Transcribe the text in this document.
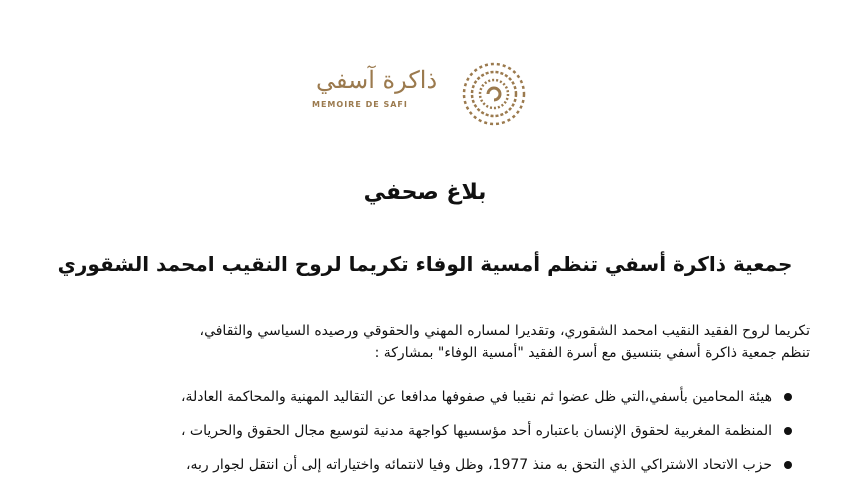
ذاكرة آسفي
MEMOIRE DE SAFI
بلاغ صحفي
جمعية ذاكرة أسفي تنظم أمسية الوفاء تكريما لروح النقيب امحمد الشقوري

تكريما لروح الفقيد النقيب امحمد الشقوري، وتقديرا لمساره المهني والحقوقي ورصيده السياسي والثقافي،

تنظم جمعية ذاكرة أسفي بتنسيق مع أسرة الفقيد "أمسية الوفاء" بمشاركة :

هيئة المحامين بأسفي،التي ظل عضوا ثم نقيبا في صفوفها مدافعا عن التقاليد المهنية والمحاكمة العادلة،
المنظمة المغربية لحقوق الإنسان باعتباره أحد مؤسسيها كواجهة مدنية لتوسيع مجال الحقوق والحريات ،
حزب الاتحاد الاشتراكي الذي التحق به منذ 1977، وظل وفيا لانتمائه واختياراته إلى أن انتقل لجوار ربه،
